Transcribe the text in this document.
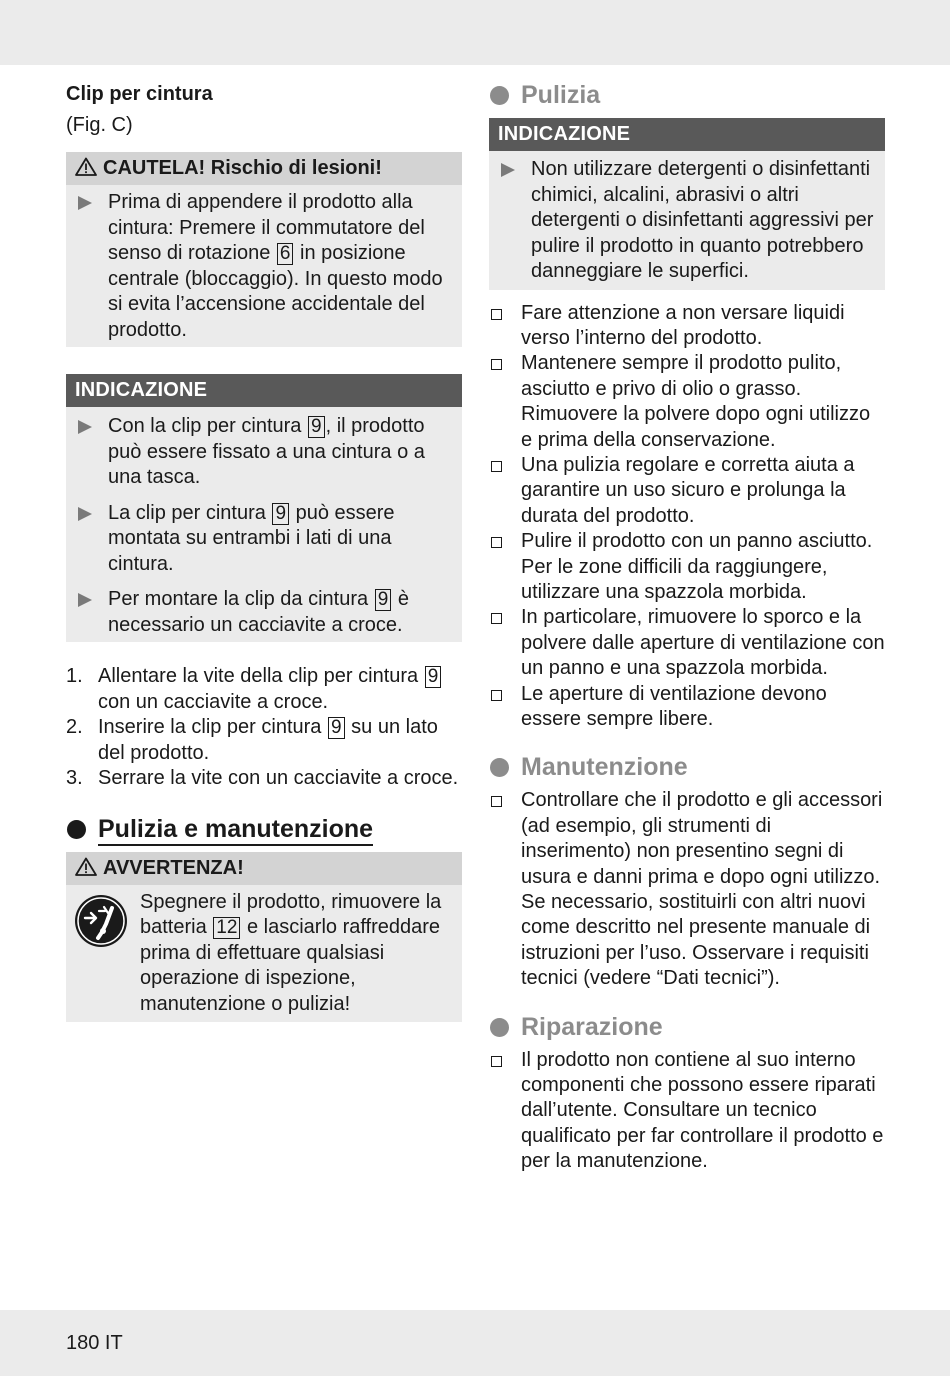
Clip per cintura
(Fig. C)
CAUTELA! Rischio di lesioni!
Prima di appendere il prodotto alla cintura: Premere il commutatore del senso di rotazione 6 in posizione centrale (bloccaggio). In questo modo si evita l’accensione accidentale del prodotto.
INDICAZIONE
Con la clip per cintura 9 , il prodotto può essere fissato a una cintura o a una tasca.
La clip per cintura 9 può essere montata su entrambi i lati di una cintura.
Per montare la clip da cintura 9 è necessario un cacciavite a croce.
1. Allentare la vite della clip per cintura 9 con un cacciavite a croce.
2. Inserire la clip per cintura 9 su un lato del prodotto.
3. Serrare la vite con un cacciavite a croce.
Pulizia e manutenzione
AVVERTENZA!
Spegnere il prodotto, rimuovere la batteria 12 e lasciarlo raffreddare prima di effettuare qualsiasi operazione di ispezione, manutenzione o pulizia!
Pulizia
INDICAZIONE
Non utilizzare detergenti o disinfettanti chimici, alcalini, abrasivi o altri detergenti o disinfettanti aggressivi per pulire il prodotto in quanto potrebbero danneggiare le superfici.
Fare attenzione a non versare liquidi verso l’interno del prodotto.
Mantenere sempre il prodotto pulito, asciutto e privo di olio o grasso. Rimuovere la polvere dopo ogni utilizzo e prima della conservazione.
Una pulizia regolare e corretta aiuta a garantire un uso sicuro e prolunga la durata del prodotto.
Pulire il prodotto con un panno asciutto. Per le zone difficili da raggiungere, utilizzare una spazzola morbida.
In particolare, rimuovere lo sporco e la polvere dalle aperture di ventilazione con un panno e una spazzola morbida.
Le aperture di ventilazione devono essere sempre libere.
Manutenzione
Controllare che il prodotto e gli accessori (ad esempio, gli strumenti di inserimento) non presentino segni di usura e danni prima e dopo ogni utilizzo. Se necessario, sostituirli con altri nuovi come descritto nel presente manuale di istruzioni per l’uso. Osservare i requisiti tecnici (vedere “Dati tecnici”).
Riparazione
Il prodotto non contiene al suo interno componenti che possono essere riparati dall’utente. Consultare un tecnico qualificato per far controllare il prodotto e per la manutenzione.
180 IT
